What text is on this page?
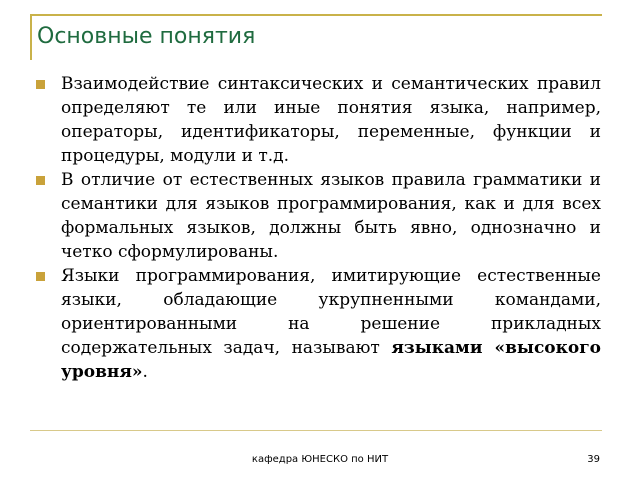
Основные понятия
Взаимодействие синтаксических и семантических правил определяют те или иные понятия языка, например, операторы, идентификаторы, переменные, функции и процедуры, модули и т.д.
В отличие от естественных языков правила грамматики и семантики для языков программирования, как и для всех формальных языков, должны быть явно, однозначно и четко сформулированы.
Языки программирования, имитирующие естественные языки, обладающие укрупненными командами, ориентированными на решение прикладных содержательных задач, называют языками «высокого уровня».
кафедра ЮНЕСКО по НИТ	39
